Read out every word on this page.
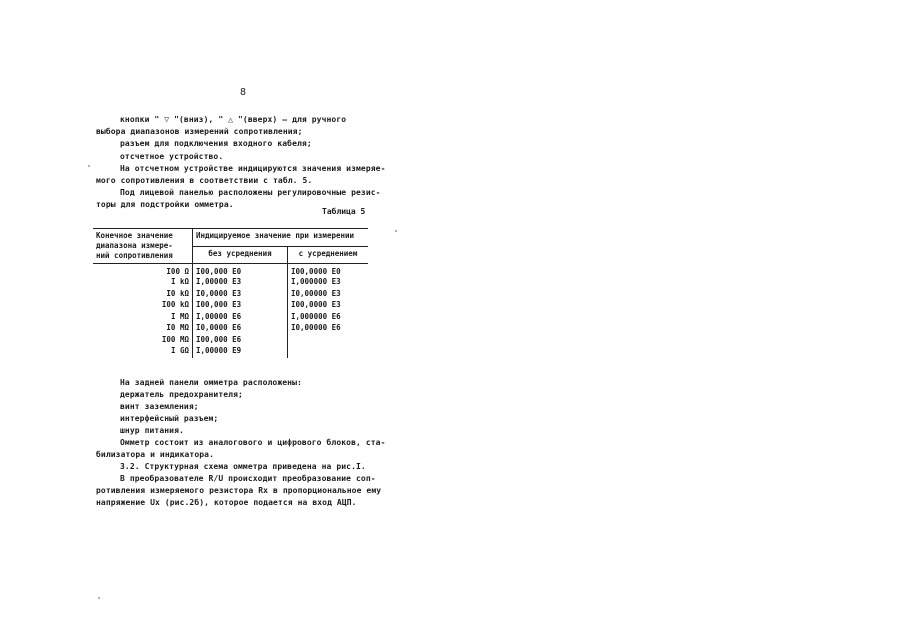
8
кнопки " ▽ "(вниз), " △ "(вверх) – для ручного
выбора диапазонов измерений сопротивления;
разъем для подключения входного кабеля;
отсчетное устройство.
На отсчетном устройстве индицируются значения измеряе-
мого сопротивления в соответствии с табл. 5.
Под лицевой панелью расположены регулировочные резис-
торы для подстройки омметра.
Таблица 5
Конечное значение диапазона измере- ний сопротивления	Индицируемое значение при измерении	
	без усреднения	с усреднением
I00 Ω	I00,000 E0	I00,0000 E0
I kΩ	I,00000 E3	I,000000 E3
I0 kΩ	I0,0000 E3	I0,00000 E3
I00 kΩ	I00,000 E3	I00,0000 E3
I MΩ	I,00000 E6	I,000000 E6
I0 MΩ	I0,0000 E6	I0,00000 E6
I00 MΩ	I00,000 E6	
I GΩ	I,00000 E9	
На задней панели омметра расположены:
держатель предохранителя;
винт заземления;
интерфейсный разъем;
шнур питания.
Омметр состоит из аналогового и цифрового блоков, ста-
билизатора и индикатора.
3.2. Структурная схема омметра приведена на рис.I.
В преобразователе R/U происходит преобразование соп-
ротивления измеряемого резистора Rx в пропорциональное ему
напряжение Ux (рис.2б), которое подается на вход АЦП.
